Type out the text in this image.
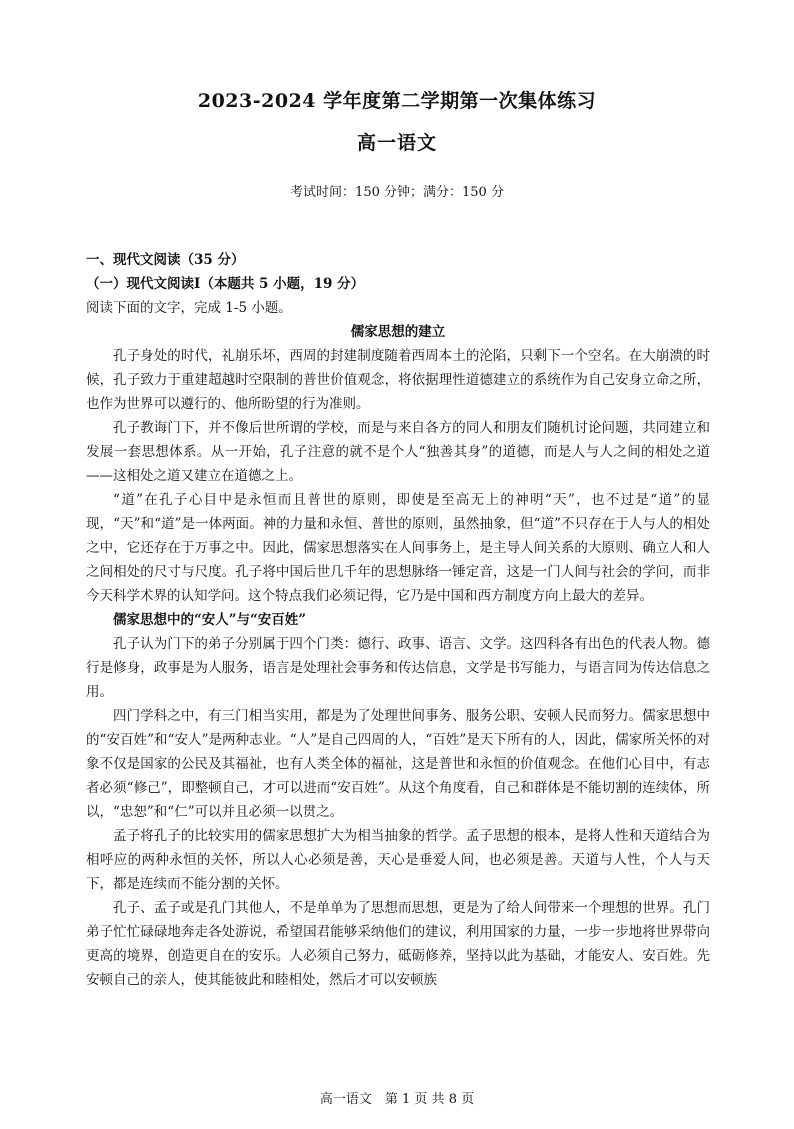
2023-2024 学年度第二学期第一次集体练习
高一语文
考试时间：150 分钟；满分：150 分

一、现代文阅读（35 分）

（一）现代文阅读Ⅰ（本题共 5 小题，19 分）

阅读下面的文字，完成 1-5 小题。

儒家思想的建立

孔子身处的时代，礼崩乐坏，西周的封建制度随着西周本土的沦陷，只剩下一个空名。在大崩溃的时候，孔子致力于重建超越时空限制的普世价值观念，将依据理性道德建立的系统作为自己安身立命之所，也作为世界可以遵行的、他所盼望的行为准则。

孔子教诲门下，并不像后世所谓的学校，而是与来自各方的同人和朋友们随机讨论问题，共同建立和发展一套思想体系。从一开始，孔子注意的就不是个人“独善其身”的道德，而是人与人之间的相处之道——这相处之道又建立在道德之上。

“道”在孔子心目中是永恒而且普世的原则，即使是至高无上的神明“天”，也不过是“道”的显现，“天”和“道”是一体两面。神的力量和永恒、普世的原则，虽然抽象，但“道”不只存在于人与人的相处之中，它还存在于万事之中。因此，儒家思想落实在人间事务上，是主导人间关系的大原则、确立人和人之间相处的尺寸与尺度。孔子将中国后世几千年的思想脉络一锤定音，这是一门人间与社会的学问，而非今天科学术界的认知学问。这个特点我们必须记得，它乃是中国和西方制度方向上最大的差异。

儒家思想中的“安人”与“安百姓”

孔子认为门下的弟子分别属于四个门类：德行、政事、语言、文学。这四科各有出色的代表人物。德行是修身，政事是为人服务，语言是处理社会事务和传达信息，文学是书写能力，与语言同为传达信息之用。

四门学科之中，有三门相当实用，都是为了处理世间事务、服务公职、安顿人民而努力。儒家思想中的“安百姓”和“安人”是两种志业。“人”是自己四周的人，“百姓”是天下所有的人，因此，儒家所关怀的对象不仅是国家的公民及其福祉，也有人类全体的福祉，这是普世和永恒的价值观念。在他们心目中，有志者必须“修己”，即整顿自己，才可以进而“安百姓”。从这个角度看，自己和群体是不能切割的连续体，所以，“忠恕”和“仁”可以并且必须一以贯之。

孟子将孔子的比较实用的儒家思想扩大为相当抽象的哲学。孟子思想的根本，是将人性和天道结合为相呼应的两种永恒的关怀，所以人心必须是善，天心是垂爱人间，也必须是善。天道与人性，个人与天下，都是连续而不能分割的关怀。

孔子、孟子或是孔门其他人，不是单单为了思想而思想，更是为了给人间带来一个理想的世界。孔门弟子忙忙碌碌地奔走各处游说，希望国君能够采纳他们的建议，利用国家的力量，一步一步地将世界带向更高的境界，创造更自在的安乐。人必须自己努力，砥砺修养，坚持以此为基础，才能安人、安百姓。先安顿自己的亲人，使其能彼此和睦相处，然后才可以安顿族

高一语文　第 1 页 共 8 页
